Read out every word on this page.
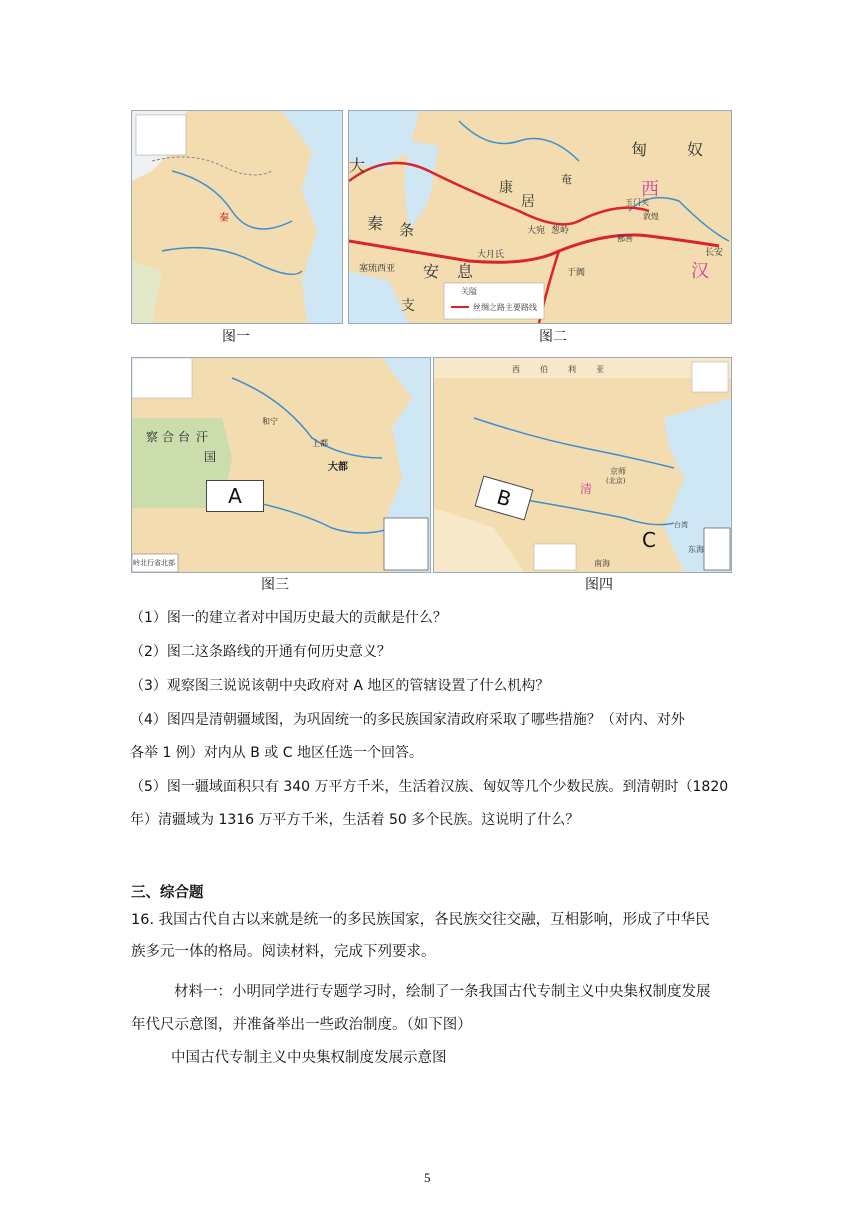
秦
图一
匈 奴
西
汉
大
秦 条
安 息
支
康
居
大宛 葱岭
大月氏
于阗
玉门关
敦煌
鄯善
长安
塞琉西亚
奄
关隘
丝绸之路主要路线
图二
察 合 台 汗
国
大都
上都
和宁
岭北行省北部
A
图三
西	伯	利	亚
清
京师
(北京)
台湾
东海
南海
B
C
图四
（1）图一的建立者对中国历史最大的贡献是什么？
（2）图二这条路线的开通有何历史意义？
（3）观察图三说说该朝中央政府对 A 地区的管辖设置了什么机构？
（4）图四是清朝疆域图，为巩固统一的多民族国家清政府采取了哪些措施？（对内、对外
各举 1 例）对内从 B 或 C 地区任选一个回答。
（5）图一疆域面积只有 340 万平方千米，生活着汉族、匈奴等几个少数民族。到清朝时（1820
年）清疆域为 1316 万平方千米，生活着 50 多个民族。这说明了什么？
三、综合题
16. 我国古代自古以来就是统一的多民族国家，各民族交往交融，互相影响，形成了中华民
族多元一体的格局。阅读材料，完成下列要求。
材料一：小明同学进行专题学习时，绘制了一条我国古代专制主义中央集权制度发展
年代尺示意图，并准备举出一些政治制度。（如下图）
中国古代专制主义中央集权制度发展示意图
5
